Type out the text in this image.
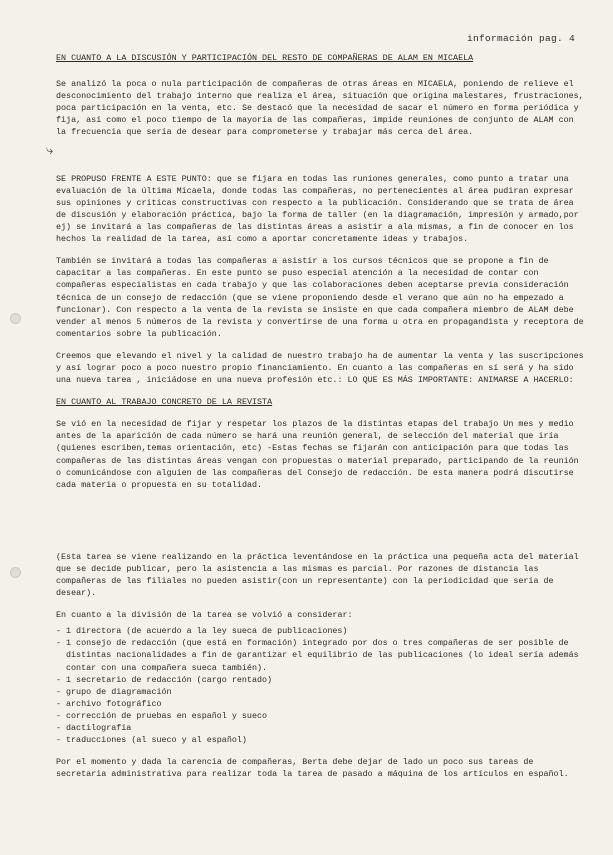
información pag. 4
EN CUANTO A LA DISCUSIÓN Y PARTICIPACIÓN DEL RESTO DE COMPAÑERAS DE ALAM EN MICAELA

Se analizó la poca o nula participación de compañeras de otras áreas en MICAELA, poniendo de relieve el desconocimiento del trabajo interno que realiza el área, situación que origina malestares, frustraciones, poca participación en la venta, etc. Se destacó que la necesidad de sacar el número en forma periódica y fija, así como el poco tiempo de la mayoría de las compañeras, impide reuniones de conjunto de ALAM con la frecuencia que sería de desear para comprometerse y trabajar más cerca del área.

⤷

SE PROPUSO FRENTE A ESTE PUNTO: que se fijara en todas las runiones generales, como punto a tratar una evaluación de la última Micaela, donde todas las compañeras, no pertenecientes al área pudiran expresar sus opiniones y criticas constructivas con respecto a la publicación. Considerando que se trata de área de discusión y elaboración práctica, bajo la forma de taller (en la diagramación, impresión y armado,por ej) se invitará a las compañeras de las distintas áreas a asistir a ala mismas, a fin de conocer en los hechos la realidad de la tarea, así como a aportar concretamente ideas y trabajos.

También se invitará a todas las compañeras a asistir a los cursos técnicos que se propone a fin de capacitar a las compañeras. En este punto se puso especial atención a la necesidad de contar con compañeras especialistas en cada trabajo y que las colaboraciones deben aceptarse previa consideración técnica de un consejo de redacción (que se viene proponiendo desde el verano que aún no ha empezado a funcionar). Con respecto a la venta de la revista se insiste en que cada compañera miembro de ALAM debe vender al menos 5 números de la revista y convertirse de una forma u otra en propagandista y receptora de comentarios sobre la publicación.

Creemos que elevando el nivel y la calidad de nuestro trabajo ha de aumentar la venta y las suscripciones y así lograr poco a poco nuestro propio financiamiento. En cuanto a las compañeras en sí será y ha sido una nueva tarea , iniciádose en una nueva profesión etc.: LO QUE ES MÁS IMPORTANTE: ANIMARSE A HACERLO:

EN CUANTO AL TRABAJO CONCRETO DE LA REVISTA

Se vió en la necesidad de fijar y respetar los plazos de la distintas etapas del trabajo Un mes y medio antes de la aparición de cada número se hará una reunión general, de selección del material que iría (quienes escriben,temas orientación, etc) -Estas fechas se fijarán con anticipación para que todas las compañeras de las distintas áreas vengan con propuestas o material preparado, participando de la reunión o comunicándose con alguien de las compañeras del Consejo de redacción. De esta manera podrá discutirse cada materia o propuesta en su totalidad.

(Esta tarea se viene realizando en la práctica leventándose en la práctica una pequeña acta del material que se decide publicar, pero la asistencia a las mismas es parcial. Por razones de distancia las compañeras de las filiales no pueden asistir(con un representante) con la periodicidad que sería de desear).

En cuanto a la división de la tarea se volvió a considerar:

- 1 directora (de acuerdo a la ley sueca de publicaciones)
- 1 consejo de redacción (que está en formación) integrado por dos o tres compañeras de ser posible de distintas nacionalidades a fin de garantizar el equilibrio de las publicaciones (lo ideal sería además contar con una compañera sueca también).
- 1 secretario de redacción (cargo rentado)
- grupo de diagramación
- archivo fotográfico
- corrección de pruebas en español y sueco
- dactilografía
- traducciones (al sueco y al español)

Por el momento y dada la carencia de compañeras, Berta debe dejar de lado un poco sus tareas de secretaria administrativa para realizar toda la tarea de pasado a máquina de los artículos en español.
